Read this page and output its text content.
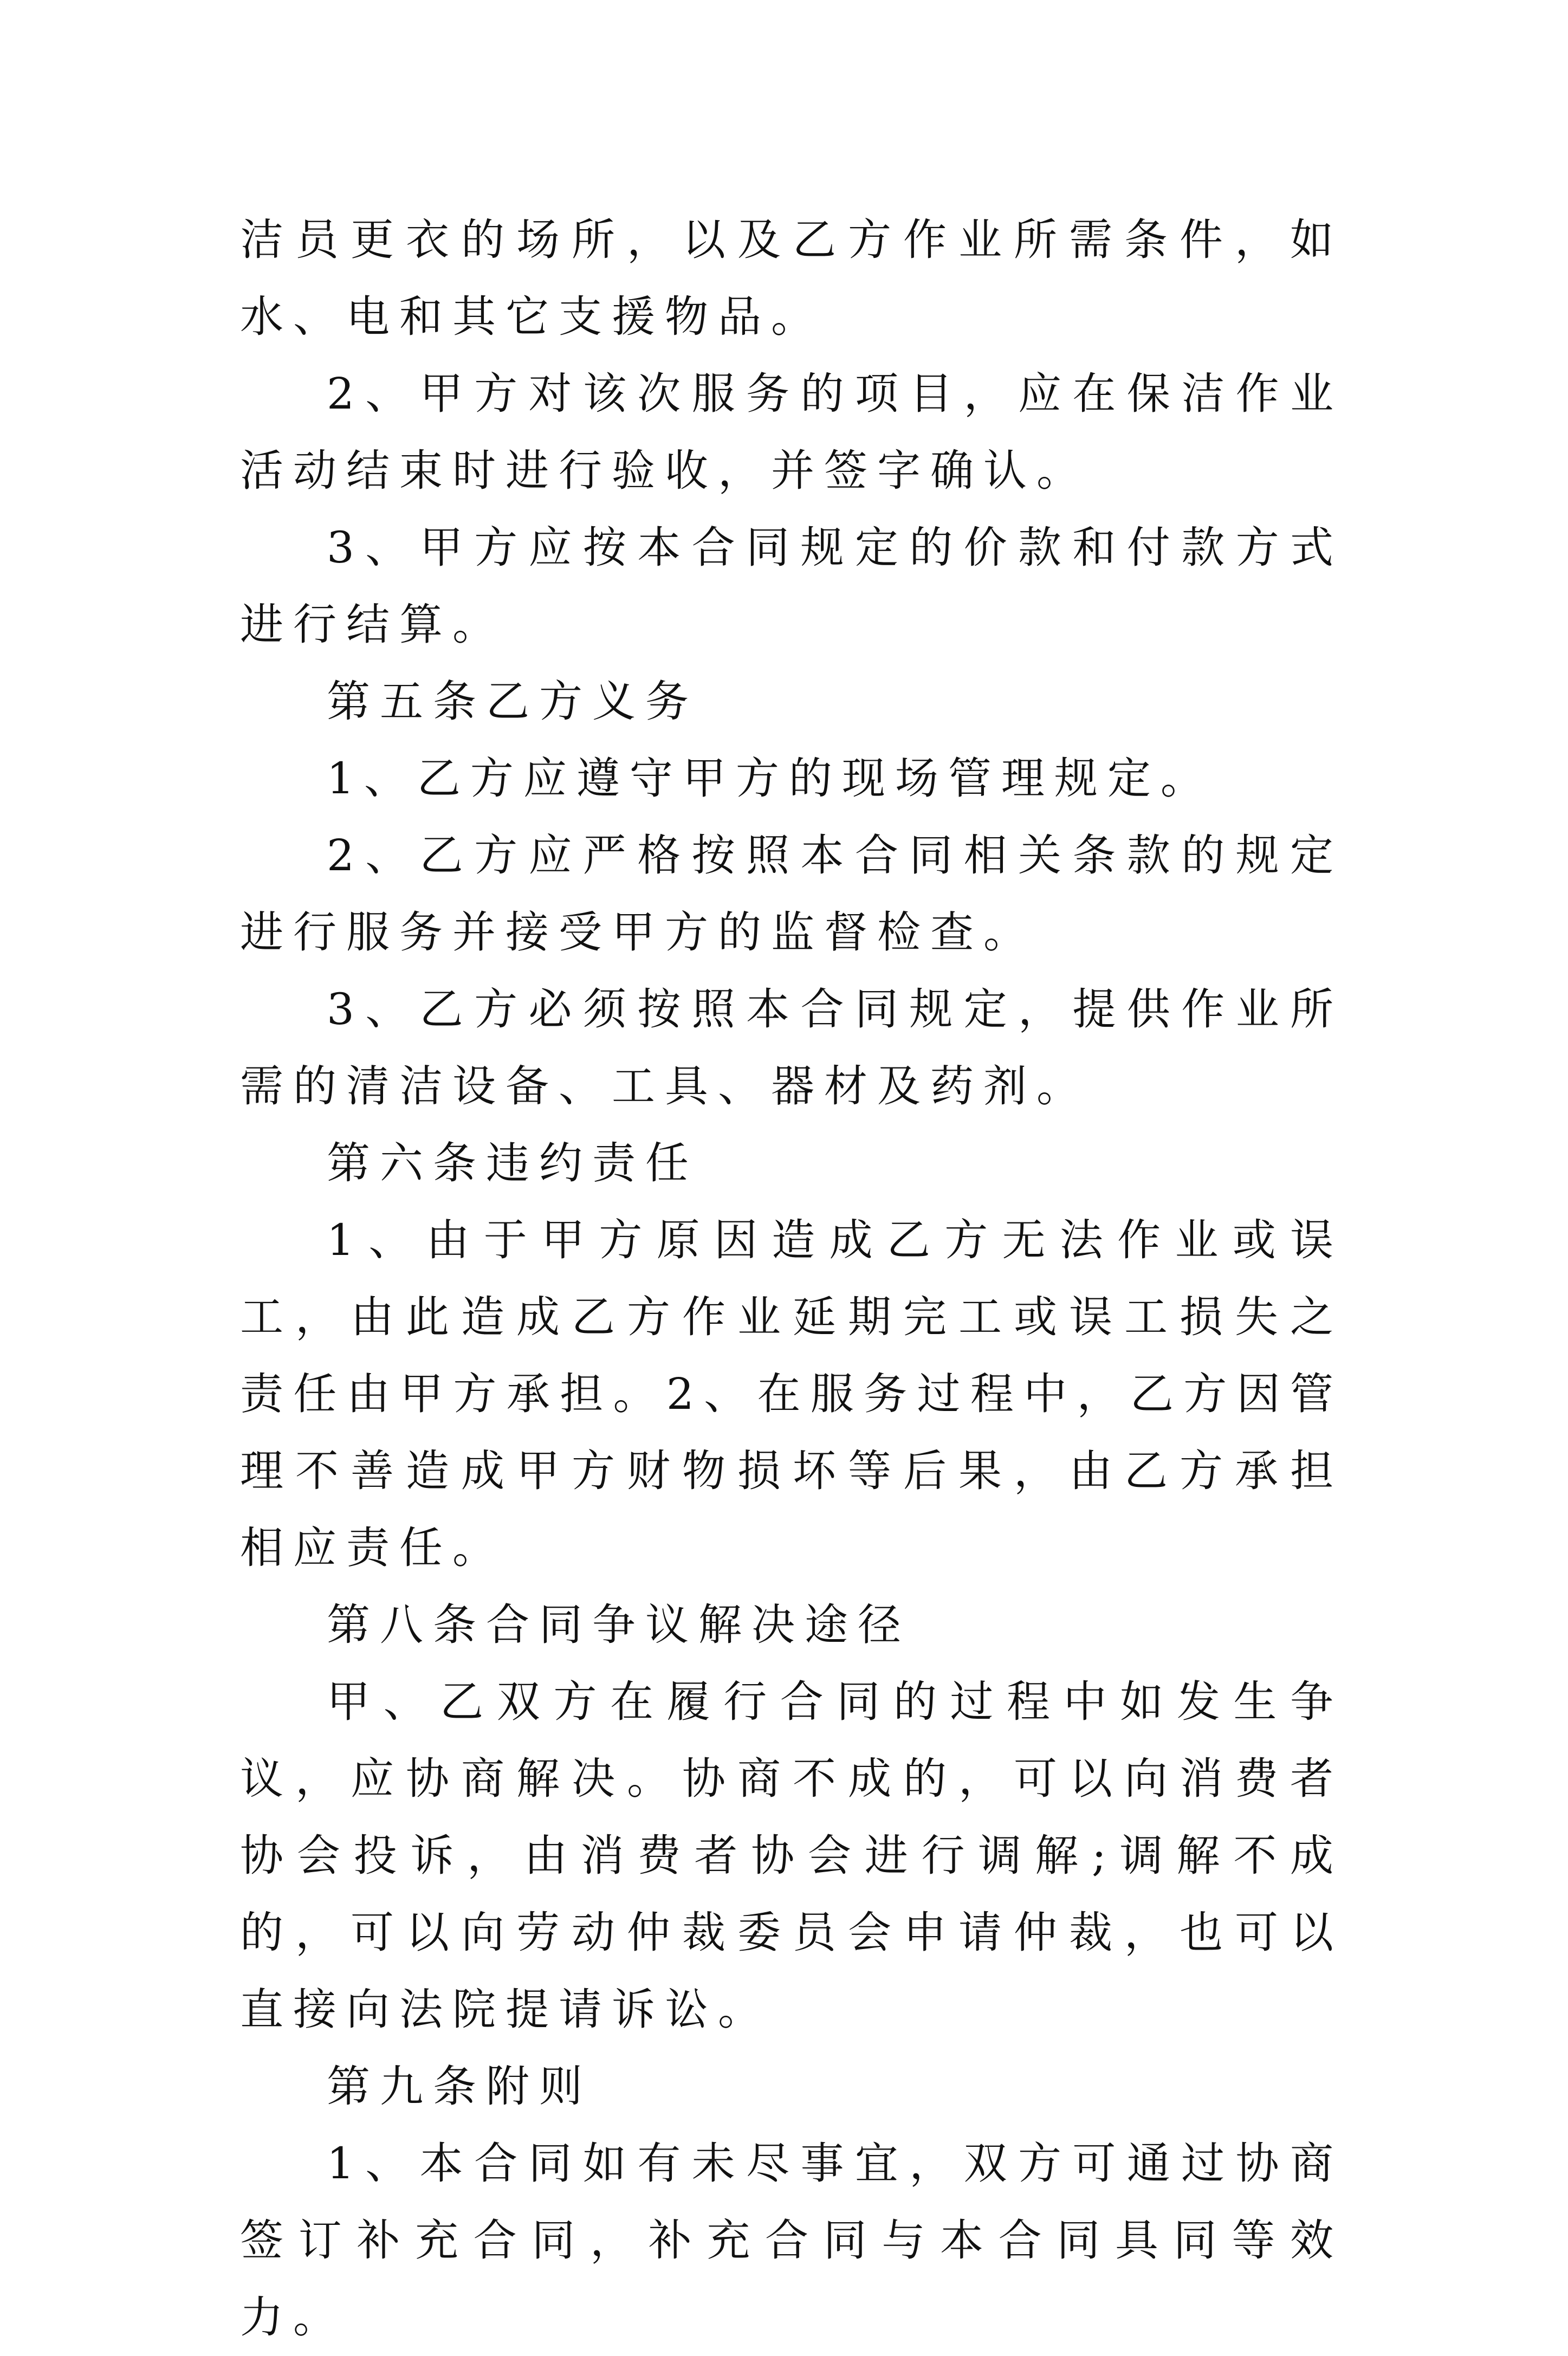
洁员更衣的场所，以及乙方作业所需条件，如水、电和其它支援物品。

2、甲方对该次服务的项目，应在保洁作业活动结束时进行验收，并签字确认。

3、甲方应按本合同规定的价款和付款方式进行结算。

第五条乙方义务

1、乙方应遵守甲方的现场管理规定。

2、乙方应严格按照本合同相关条款的规定进行服务并接受甲方的监督检查。

3、乙方必须按照本合同规定，提供作业所需的清洁设备、工具、器材及药剂。

第六条违约责任

1、由于甲方原因造成乙方无法作业或误工，由此造成乙方作业延期完工或误工损失之责任由甲方承担。2、在服务过程中，乙方因管理不善造成甲方财物损坏等后果，由乙方承担相应责任。

第八条合同争议解决途径

甲、乙双方在履行合同的过程中如发生争议，应协商解决。协商不成的，可以向消费者协会投诉，由消费者协会进行调解;调解不成的，可以向劳动仲裁委员会申请仲裁，也可以直接向法院提请诉讼。

第九条附则

1、本合同如有未尽事宜，双方可通过协商签订补充合同，补充合同与本合同具同等效力。
